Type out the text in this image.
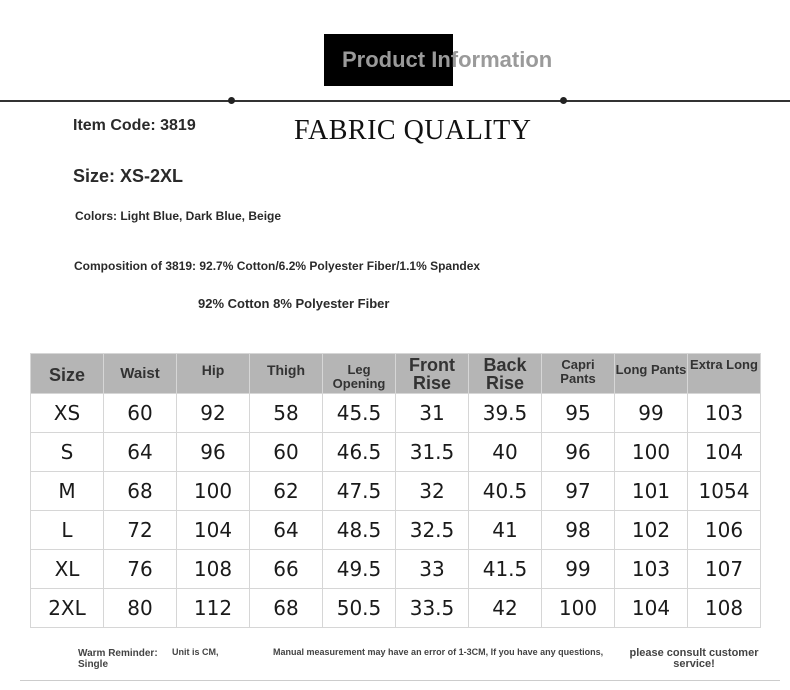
Product Information
Item Code: 3819	FABRIC QUALITY
Size: XS-2XL
Colors: Light Blue, Dark Blue, Beige
Composition of 3819: 92.7% Cotton/6.2% Polyester Fiber/1.1% Spandex
92% Cotton 8% Polyester Fiber
Size	Waist	Hip	Thigh	Leg Opening	Front Rise	Back Rise	Capri Pants	Long Pants	Extra Long

XS	60	92	58	45.5	31	39.5	95	99	103
S	64	96	60	46.5	31.5	40	96	100	104
M	68	100	62	47.5	32	40.5	97	101	1054
L	72	104	64	48.5	32.5	41	98	102	106
XL	76	108	66	49.5	33	41.5	99	103	107
2XL	80	112	68	50.5	33.5	42	100	104	108
Warm Reminder: Single
Unit is CM,	Manual measurement may have an error of 1-3CM, If you have any questions,	please consult customer service!
